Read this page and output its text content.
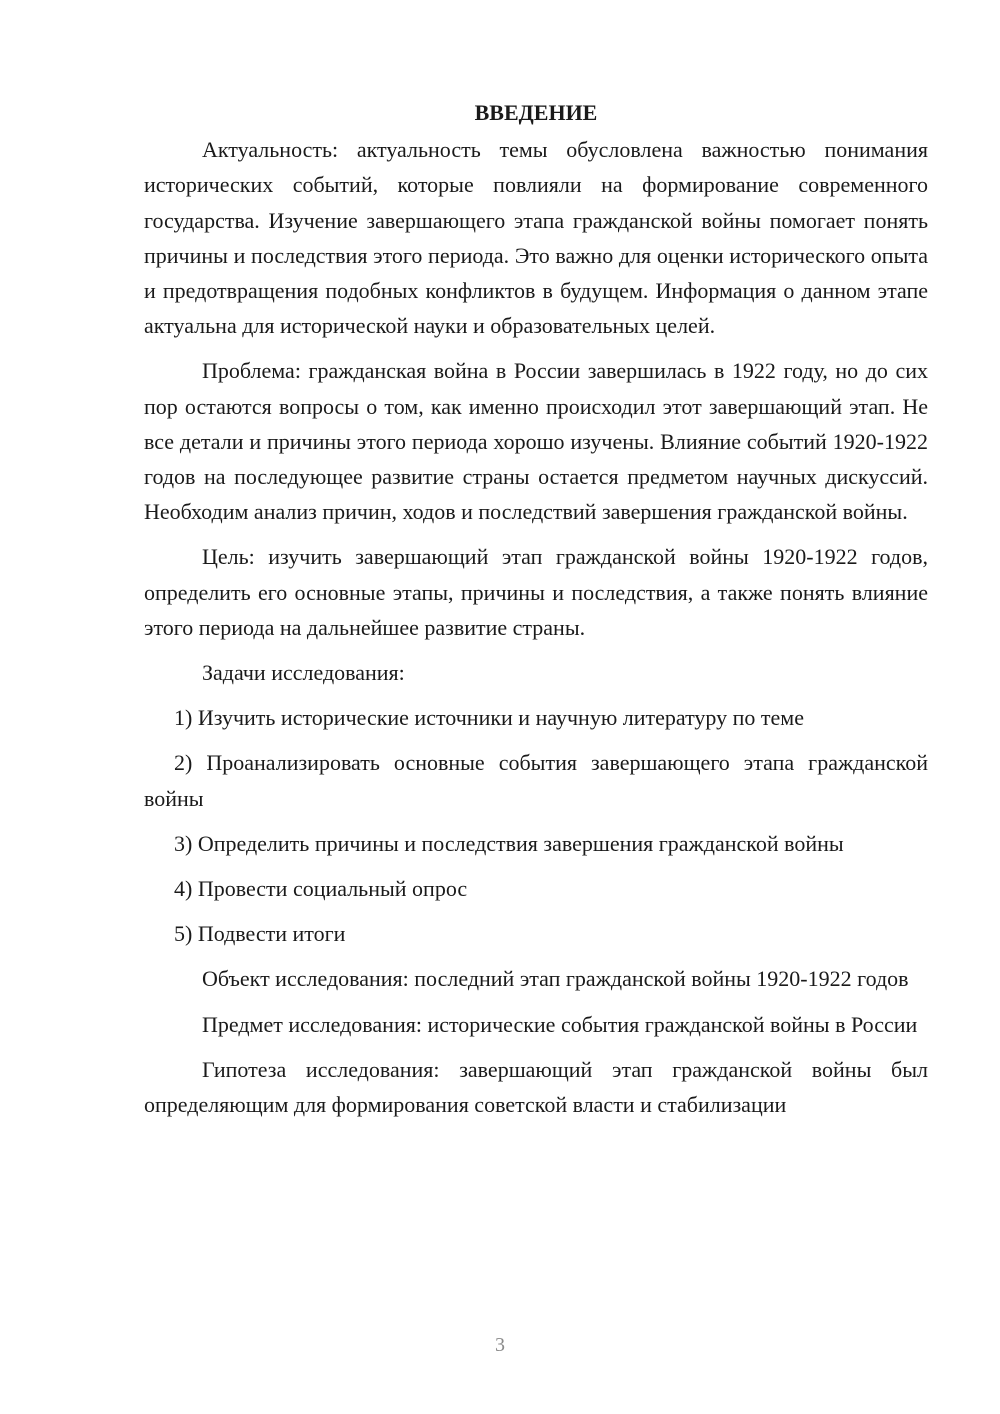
ВВЕДЕНИЕ

Актуальность: актуальность темы обусловлена важностью понимания исторических событий, которые повлияли на формирование современного государства. Изучение завершающего этапа гражданской войны помогает понять причины и последствия этого периода. Это важно для оценки исторического опыта и предотвращения подобных конфликтов в будущем. Информация о данном этапе актуальна для исторической науки и образовательных целей.

Проблема: гражданская война в России завершилась в 1922 году, но до сих пор остаются вопросы о том, как именно происходил этот завершающий этап. Не все детали и причины этого периода хорошо изучены. Влияние событий 1920-1922 годов на последующее развитие страны остается предметом научных дискуссий. Необходим анализ причин, ходов и последствий завершения гражданской войны.

Цель: изучить завершающий этап гражданской войны 1920-1922 годов, определить его основные этапы, причины и последствия, а также понять влияние этого периода на дальнейшее развитие страны.

Задачи исследования:

1) Изучить исторические источники и научную литературу по теме

2) Проанализировать основные события завершающего этапа гражданской войны

3) Определить причины и последствия завершения гражданской войны

4) Провести социальный опрос

5) Подвести итоги

Объект исследования: последний этап гражданской войны 1920-1922 годов

Предмет исследования: исторические события гражданской войны в России

Гипотеза исследования: завершающий этап гражданской войны был определяющим для формирования советской власти и стабилизации

3
